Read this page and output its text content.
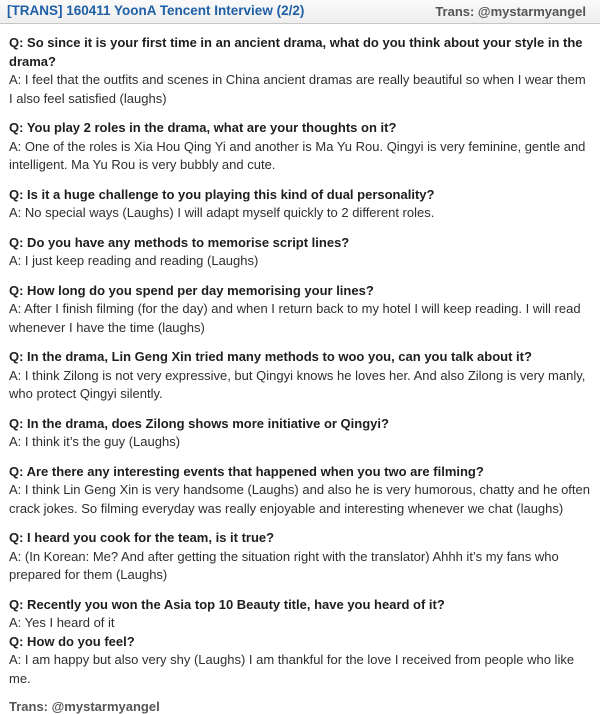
[TRANS] 160411 YoonA Tencent Interview (2/2)	Trans: @mystarmyangel

Q: So since it is your first time in an ancient drama, what do you think about your style in the drama?

A: I feel that the outfits and scenes in China ancient dramas are really beautiful so when I wear them I also feel satisfied (laughs)

Q: You play 2 roles in the drama, what are your thoughts on it?

A: One of the roles is Xia Hou Qing Yi and another is Ma Yu Rou. Qingyi is very feminine, gentle and intelligent. Ma Yu Rou is very bubbly and cute.

Q: Is it a huge challenge to you playing this kind of dual personality?

A: No special ways (Laughs) I will adapt myself quickly to 2 different roles.

Q: Do you have any methods to memorise script lines?

A: I just keep reading and reading (Laughs)

Q: How long do you spend per day memorising your lines?

A: After I finish filming (for the day) and when I return back to my hotel I will keep reading. I will read whenever I have the time (laughs)

Q: In the drama, Lin Geng Xin tried many methods to woo you, can you talk about it?

A: I think Zilong is not very expressive, but Qingyi knows he loves her. And also Zilong is very manly, who protect Qingyi silently.

Q: In the drama, does Zilong shows more initiative or Qingyi?

A: I think it’s the guy (Laughs)

Q: Are there any interesting events that happened when you two are filming?

A: I think Lin Geng Xin is very handsome (Laughs) and also he is very humorous, chatty and he often crack jokes. So filming everyday was really enjoyable and interesting whenever we chat (laughs)

Q: I heard you cook for the team, is it true?

A: (In Korean: Me? And after getting the situation right with the translator) Ahhh it’s my fans who prepared for them (Laughs)

Q: Recently you won the Asia top 10 Beauty title, have you heard of it?

A: Yes I heard of it

Q: How do you feel?

A: I am happy but also very shy (Laughs) I am thankful for the love I received from people who like me.

Trans: @mystarmyangel
